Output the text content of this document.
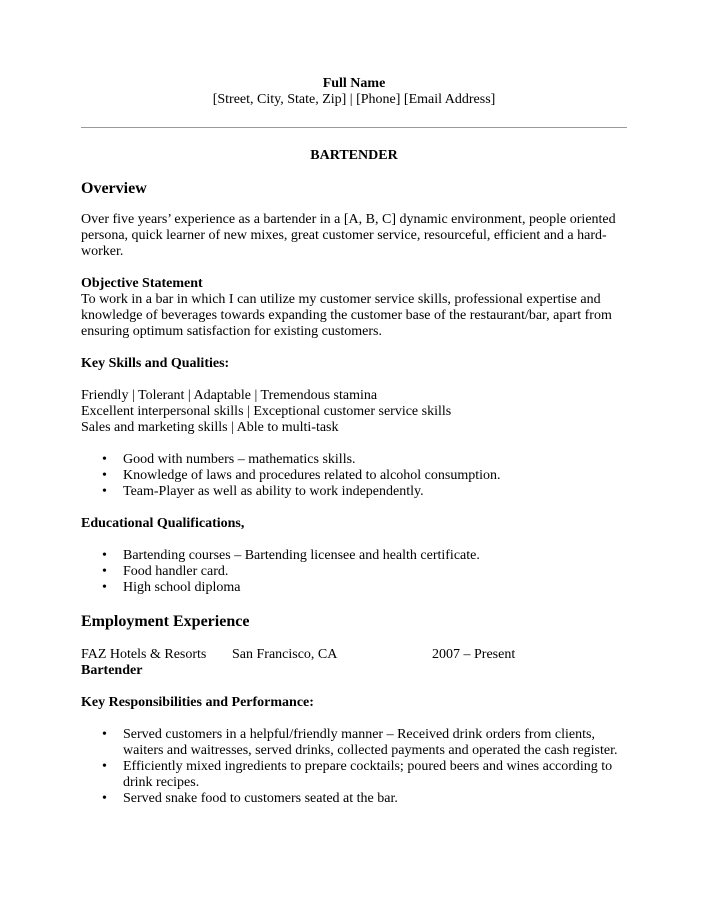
Full Name

[Street, City, State, Zip] | [Phone] [Email Address]

BARTENDER

Overview

Over five years’ experience as a bartender in a [A, B, C] dynamic environment, people oriented persona, quick learner of new mixes, great customer service, resourceful, efficient and a hard-worker.

Objective Statement

To work in a bar in which I can utilize my customer service skills, professional expertise and knowledge of beverages towards expanding the customer base of the restaurant/bar, apart from ensuring optimum satisfaction for existing customers.

Key Skills and Qualities:

Friendly | Tolerant | Adaptable | Tremendous stamina
Excellent interpersonal skills | Exceptional customer service skills
Sales and marketing skills | Able to multi-task
• Good with numbers – mathematics skills.
• Knowledge of laws and procedures related to alcohol consumption.
• Team-Player as well as ability to work independently.

Educational Qualifications,

• Bartending courses – Bartending licensee and health certificate.
• Food handler card.
• High school diploma

Employment Experience

FAZ Hotels & Resorts San Francisco, CA	2007 – Present

Bartender

Key Responsibilities and Performance:

• Served customers in a helpful/friendly manner – Received drink orders from clients, waiters and waitresses, served drinks, collected payments and operated the cash register.
• Efficiently mixed ingredients to prepare cocktails; poured beers and wines according to drink recipes.
• Served snake food to customers seated at the bar.
